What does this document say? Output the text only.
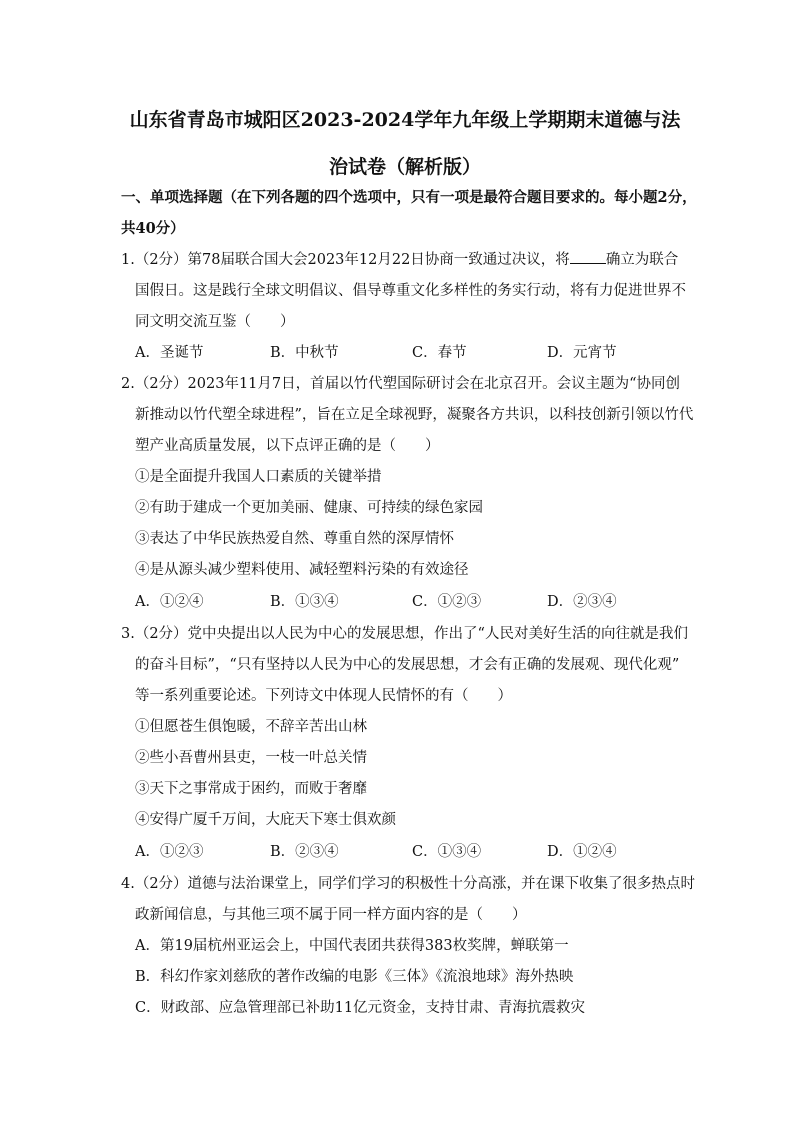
山东省青岛市城阳区2023-2024学年九年级上学期期末道德与法
治试卷（解析版）
一、单项选择题（在下列各题的四个选项中，只有一项是最符合题目要求的。每小题2分，
共40分）
1.（2分）第78届联合国大会2023年12月22日协商一致通过决议，将 确立为联合
国假日。这是践行全球文明倡议、倡导尊重文化多样性的务实行动，将有力促进世界不
同文明交流互鉴（　　）
A．圣诞节	B．中秋节	C．春节	D．元宵节
2.（2分）2023年11月7日，首届以竹代塑国际研讨会在北京召开。会议主题为“协同创
新推动以竹代塑全球进程”，旨在立足全球视野，凝聚各方共识，以科技创新引领以竹代
塑产业高质量发展，以下点评正确的是（　　）
①是全面提升我国人口素质的关键举措
②有助于建成一个更加美丽、健康、可持续的绿色家园
③表达了中华民族热爱自然、尊重自然的深厚情怀
④是从源头减少塑料使用、减轻塑料污染的有效途径
A．①②④	B．①③④	C．①②③	D．②③④
3.（2分）党中央提出以人民为中心的发展思想，作出了“人民对美好生活的向往就是我们
的奋斗目标”，“只有坚持以人民为中心的发展思想，才会有正确的发展观、现代化观”
等一系列重要论述。下列诗文中体现人民情怀的有（　　）
①但愿苍生俱饱暖，不辞辛苦出山林
②些小吾曹州县吏，一枝一叶总关情
③天下之事常成于困约，而败于奢靡
④安得广厦千万间，大庇天下寒士俱欢颜
A．①②③	B．②③④	C．①③④	D．①②④
4.（2分）道德与法治课堂上，同学们学习的积极性十分高涨，并在课下收集了很多热点时
政新闻信息，与其他三项不属于同一样方面内容的是（　　）
A．第19届杭州亚运会上，中国代表团共获得383枚奖牌，蝉联第一
B．科幻作家刘慈欣的著作改编的电影《三体》《流浪地球》海外热映
C．财政部、应急管理部已补助11亿元资金，支持甘肃、青海抗震救灾
